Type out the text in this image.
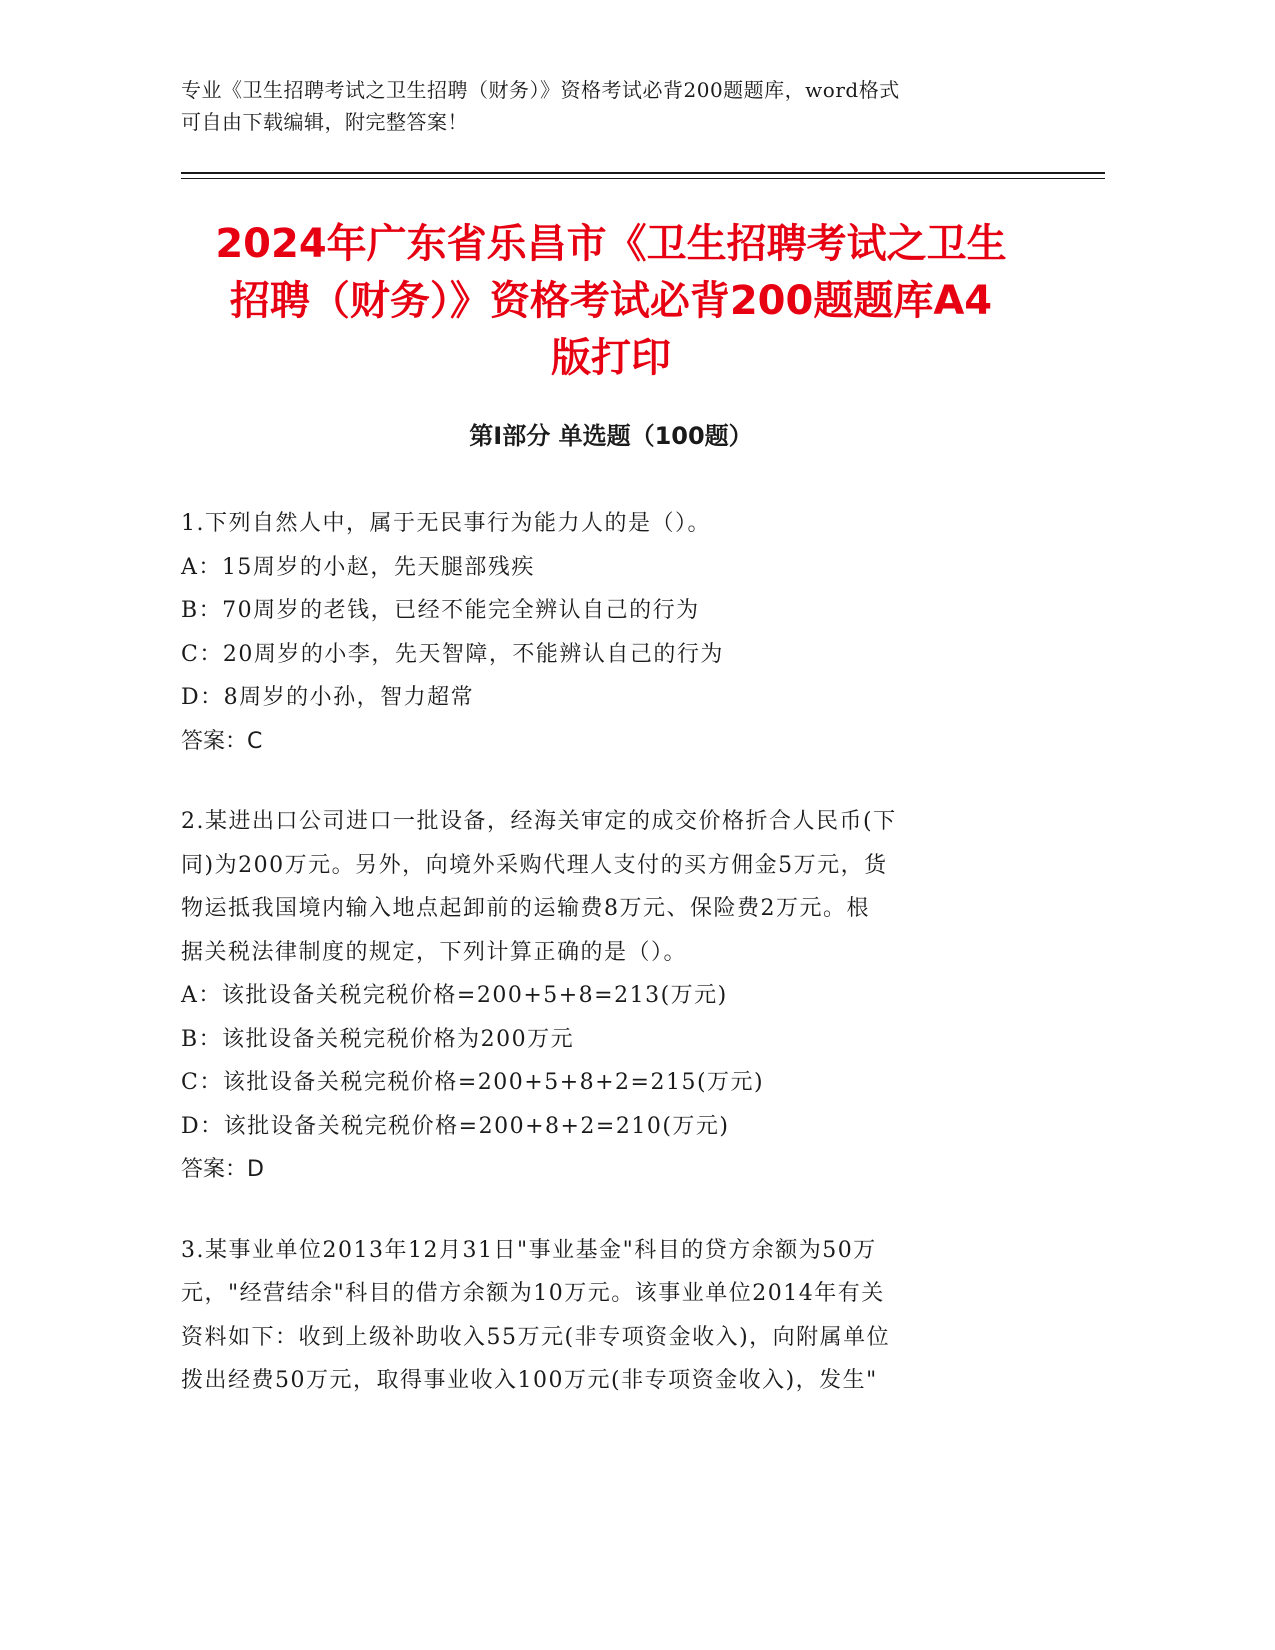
专业《卫生招聘考试之卫生招聘（财务）》资格考试必背200题题库，word格式
可自由下载编辑，附完整答案！
2024年广东省乐昌市《卫生招聘考试之卫生
招聘（财务）》资格考试必背200题题库A4
版打印
第Ⅰ部分 单选题（100题）

1.下列自然人中，属于无民事行为能力人的是（）。

A：15周岁的小赵，先天腿部残疾

B：70周岁的老钱，已经不能完全辨认自己的行为

C：20周岁的小李，先天智障，不能辨认自己的行为

D：8周岁的小孙，智力超常

答案：C

2.某进出口公司进口一批设备，经海关审定的成交价格折合人民币(下

同)为200万元。另外，向境外采购代理人支付的买方佣金5万元，货

物运抵我国境内输入地点起卸前的运输费8万元、保险费2万元。根

据关税法律制度的规定，下列计算正确的是（）。

A：该批设备关税完税价格=200+5+8=213(万元)

B：该批设备关税完税价格为200万元

C：该批设备关税完税价格=200+5+8+2=215(万元)

D：该批设备关税完税价格=200+8+2=210(万元)

答案：D

3.某事业单位2013年12月31日"事业基金"科目的贷方余额为50万

元，"经营结余"科目的借方余额为10万元。该事业单位2014年有关

资料如下：收到上级补助收入55万元(非专项资金收入)，向附属单位

拨出经费50万元，取得事业收入100万元(非专项资金收入)，发生"
